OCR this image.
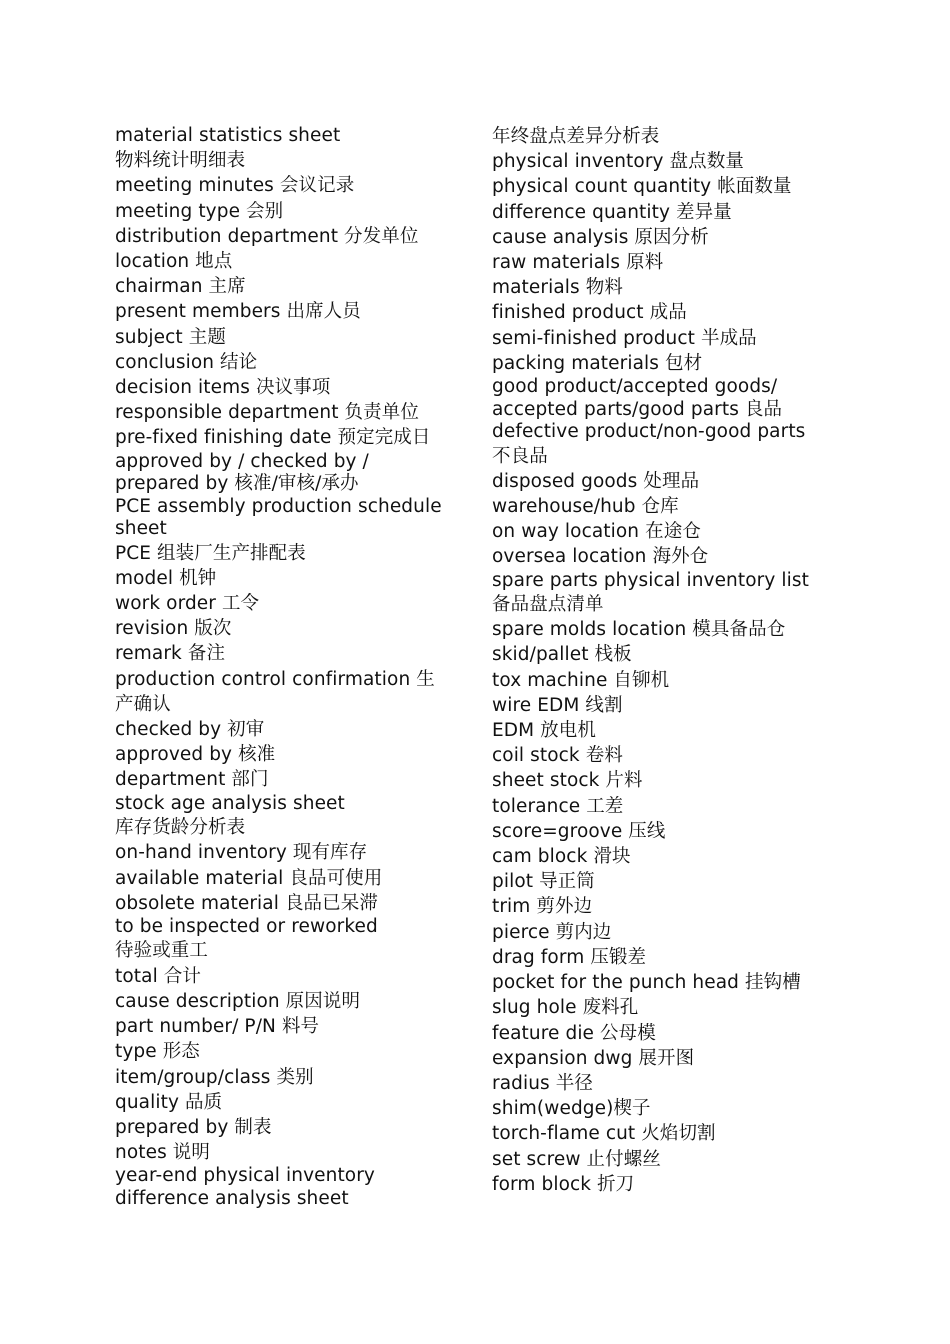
material statistics sheet

物料统计明细表

meeting minutes 会议记录

meeting type 会别

distribution department 分发单位

location 地点

chairman 主席

present members 出席人员

subject 主题

conclusion 结论

decision items 决议事项

responsible department 负责单位

pre-fixed finishing date 预定完成日

approved by / checked by /

prepared by 核准/审核/承办

PCE assembly production schedule

sheet

PCE 组装厂生产排配表

model 机钟

work order 工令

revision 版次

remark 备注

production control confirmation 生

产确认

checked by 初审

approved by 核准

department 部门

stock age analysis sheet

库存货龄分析表

on-hand inventory 现有库存

available material 良品可使用

obsolete material 良品已呆滞

to be inspected or reworked

待验或重工

total 合计

cause description 原因说明

part number/ P/N 料号

type 形态

item/group/class 类别

quality 品质

prepared by 制表

notes 说明

year-end physical inventory

difference analysis sheet

年终盘点差异分析表

physical inventory 盘点数量

physical count quantity 帐面数量

difference quantity 差异量

cause analysis 原因分析

raw materials 原料

materials 物料

finished product 成品

semi-finished product 半成品

packing materials 包材

good product/accepted goods/

accepted parts/good parts 良品

defective product/non-good parts

不良品

disposed goods 处理品

warehouse/hub 仓库

on way location 在途仓

oversea location 海外仓

spare parts physical inventory list

备品盘点清单

spare molds location 模具备品仓

skid/pallet 栈板

tox machine 自铆机

wire EDM 线割

EDM 放电机

coil stock 卷料

sheet stock 片料

tolerance 工差

score=groove 压线

cam block 滑块

pilot 导正筒

trim 剪外边

pierce 剪内边

drag form 压锻差

pocket for the punch head 挂钩槽

slug hole 废料孔

feature die 公母模

expansion dwg 展开图

radius 半径

shim(wedge)楔子

torch-flame cut 火焰切割

set screw 止付螺丝

form block 折刀
